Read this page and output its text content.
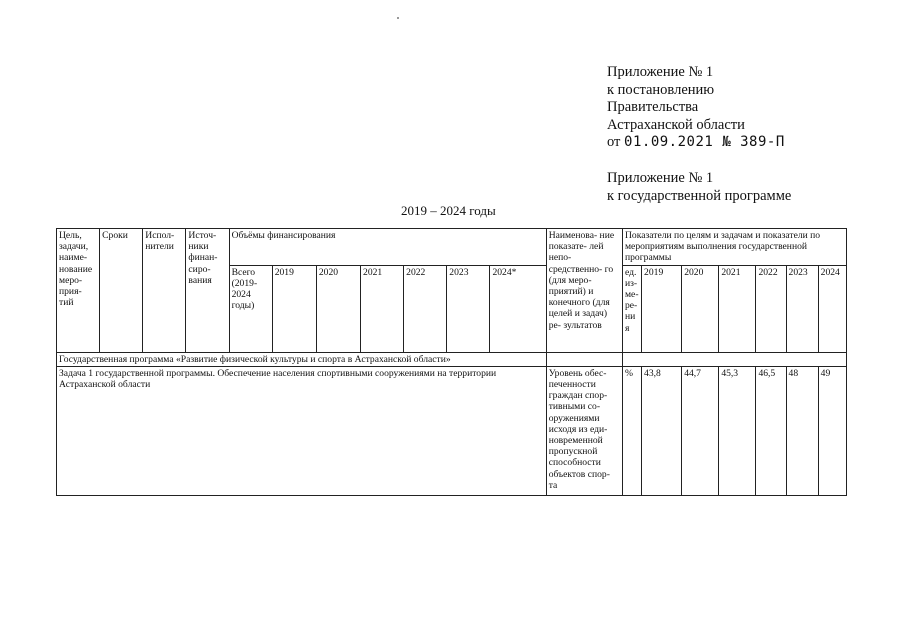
Приложение № 1
к постановлению
Правительства
Астраханской области
от 01.09.2021 № 389-П
Приложение № 1
к государственной программе
2019 – 2024 годы
Цель, задачи, наиме- нование меро- прия- тий	Сроки	Испол- нители	Источ- ники финан- сиро- вания	Объёмы финансирования							Наименова- ние показате- лей непо- средственно- го (для меро- приятий) и конечного (для целей и задач) ре- зультатов	Показатели по целям и задачам и показатели по мероприятиям выполнения государственной программы						

				Всего (2019- 2024 годы)	2019	2020	2021	2022	2023	2024*		ед. из- ме- ре- ния	2019	2020	2021	2022	2023	2024

Государственная программа «Развитие физической культуры и спорта в Астраханской области»																		

Задача 1 государственной программы. Обеспечение населения спортивными сооружениями на территории Астраханской области											Уровень обес- печенности граждан спор- тивными со- оружениями исходя из еди- новременной пропускной способности объектов спор- та	%	43,8	44,7	45,3	46,5	48	49
